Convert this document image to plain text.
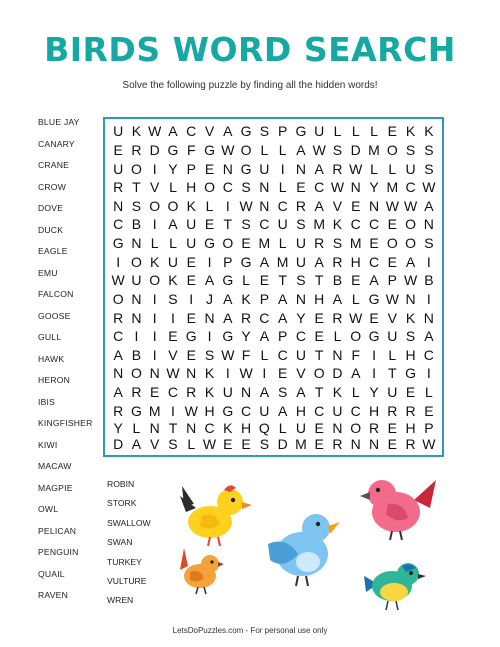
BIRDS WORD SEARCH
Solve the following puzzle by finding all the hidden words!
BLUE JAY
CANARY
CRANE
CROW
DOVE
DUCK
EAGLE
EMU
FALCON
GOOSE
GULL
HAWK
HERON
IBIS
KINGFISHER
KIWI
MACAW
MAGPIE
OWL
PELICAN
PENGUIN
QUAIL
RAVEN
U K W A C V A G S P G U L L L E K K
E R D G F G W O L L A W S D M O S S
U O I Y P E N G U I N A R W L L U S
R T V L H O C S N L E C W N Y M C W
N S O O K L I W N C R A V E N W W A
C B I A U E T S C U S M K C C E O N
G N L L U G O E M L U R S M E O O S
I O K U E I P G A M U A R H C E A I
W U O K E A G L E T S T B E A P W B
O N I S I J A K P A N H A L G W N I
R N I	I E N A R C A Y E R W E V K N
C I	I E G I G Y A P C E L O G U S A
A B I V E S W F L C U T N F I L H C
N O N W N K I W I E V O D A I T G I
A R E C R K U N A S A T K L Y U E L
R G M I W H G C U A H C U C H R R E
Y L N T N C K H Q L U E N O R E H P
D A V S L W E E S D M E R N N E R W
ROBIN
STORK
SWALLOW
SWAN
TURKEY
VULTURE
WREN
LetsDoPuzzles.com - For personal use only
